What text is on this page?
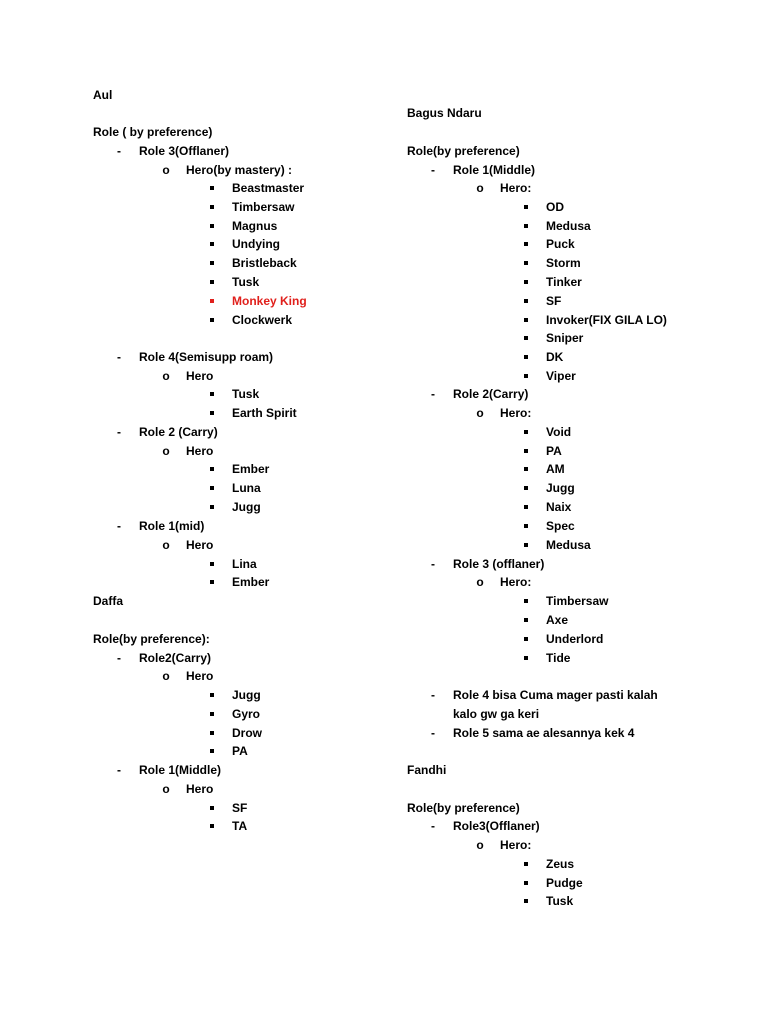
Aul
Role ( by preference)
-	Role 3(Offlaner)
o Hero(by mastery) :
Beastmaster
Timbersaw
Magnus
Undying
Bristleback
Tusk
Monkey King
Clockwerk
-	Role 4(Semisupp roam)
o Hero
Tusk
Earth Spirit
-	Role 2 (Carry)
o Hero
Ember
Luna
Jugg
-	Role 1(mid)
o Hero
Lina
Ember
Daffa
Role(by preference):
-	Role2(Carry)
o Hero
Jugg
Gyro
Drow
PA
-	Role 1(Middle)
o Hero
SF
TA
Bagus Ndaru
Role(by preference)
-	Role 1(Middle)
o Hero:
OD
Medusa
Puck
Storm
Tinker
SF
Invoker(FIX GILA LO)
Sniper
DK
Viper
-	Role 2(Carry)
o Hero:
Void
PA
AM
Jugg
Naix
Spec
Medusa
-	Role 3 (offlaner)
o Hero:
Timbersaw
Axe
Underlord
Tide
-	Role 4 bisa Cuma mager pasti kalah
kalo gw ga keri
-	Role 5 sama ae alesannya kek 4
Fandhi
Role(by preference)
-	Role3(Offlaner)
o Hero:
Zeus
Pudge
Tusk
